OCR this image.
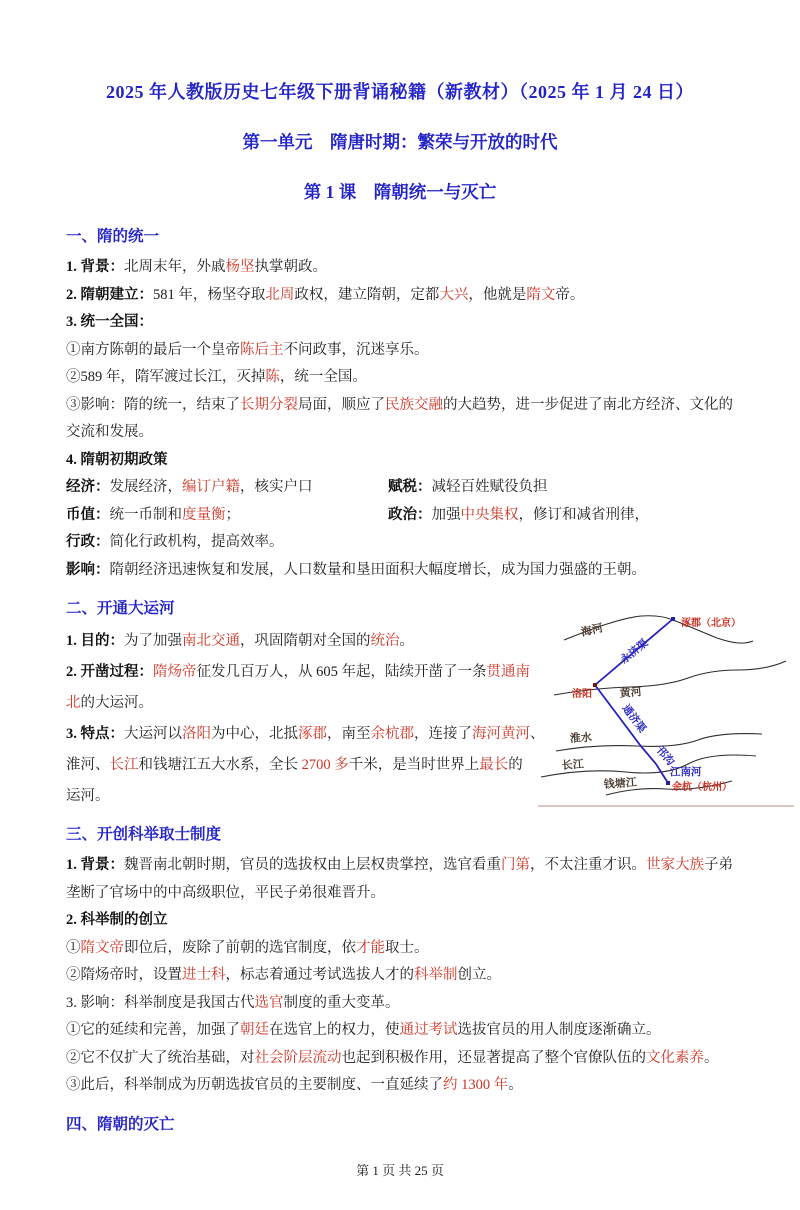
2025 年人教版历史七年级下册背诵秘籍（新教材）（2025 年 1 月 24 日）
第一单元　隋唐时期：繁荣与开放的时代
第 1 课　隋朝统一与灭亡
一、隋的统一
1. 背景：北周末年，外戚杨坚执掌朝政。
2. 隋朝建立：581 年，杨坚夺取北周政权，建立隋朝，定都大兴，他就是隋文帝。
3. 统一全国：
①南方陈朝的最后一个皇帝陈后主不问政事，沉迷享乐。
②589 年，隋军渡过长江，灭掉陈，统一全国。
③影响：隋的统一，结束了长期分裂局面，顺应了民族交融的大趋势，进一步促进了南北方经济、文化的
交流和发展。
4. 隋朝初期政策
经济：发展经济，编订户籍，核实户口	赋税：减轻百姓赋役负担
币值：统一币制和度量衡；	政治：加强中央集权，修订和减省刑律，
行政：简化行政机构，提高效率。
影响：隋朝经济迅速恢复和发展，人口数量和垦田面积大幅度增长，成为国力强盛的王朝。
二、开通大运河
1. 目的：为了加强南北交通，巩固隋朝对全国的统治。
2. 开凿过程：隋炀帝征发几百万人，从 605 年起，陆续开凿了一条贯通南
北的大运河。
3. 特点：大运河以洛阳为中心，北抵涿郡，南至余杭郡，连接了海河黄河、
淮河、长江和钱塘江五大水系，全长 2700 多千米，是当时世界上最长的
运河。
海河
黄河
淮水
长江
钱塘江
永济渠
通济渠
邗沟
江南河
涿郡（北京）
洛阳
余杭（杭州）
三、开创科举取士制度
1. 背景：魏晋南北朝时期，官员的选拔权由上层权贵掌控，选官看重门第，不太注重才识。世家大族子弟
垄断了官场中的中高级职位，平民子弟很难晋升。
2. 科举制的创立
①隋文帝即位后，废除了前朝的选官制度，依才能取士。
②隋炀帝时，设置进士科，标志着通过考试选拔人才的科举制创立。
3. 影响：科举制度是我国古代选官制度的重大变革。
①它的延续和完善，加强了朝廷在选官上的权力，使通过考试选拔官员的用人制度逐渐确立。
②它不仅扩大了统治基础，对社会阶层流动也起到积极作用，还显著提高了整个官僚队伍的文化素养。
③此后，科举制成为历朝选拔官员的主要制度、一直延续了约 1300 年。
四、隋朝的灭亡
第 1 页 共 25 页
